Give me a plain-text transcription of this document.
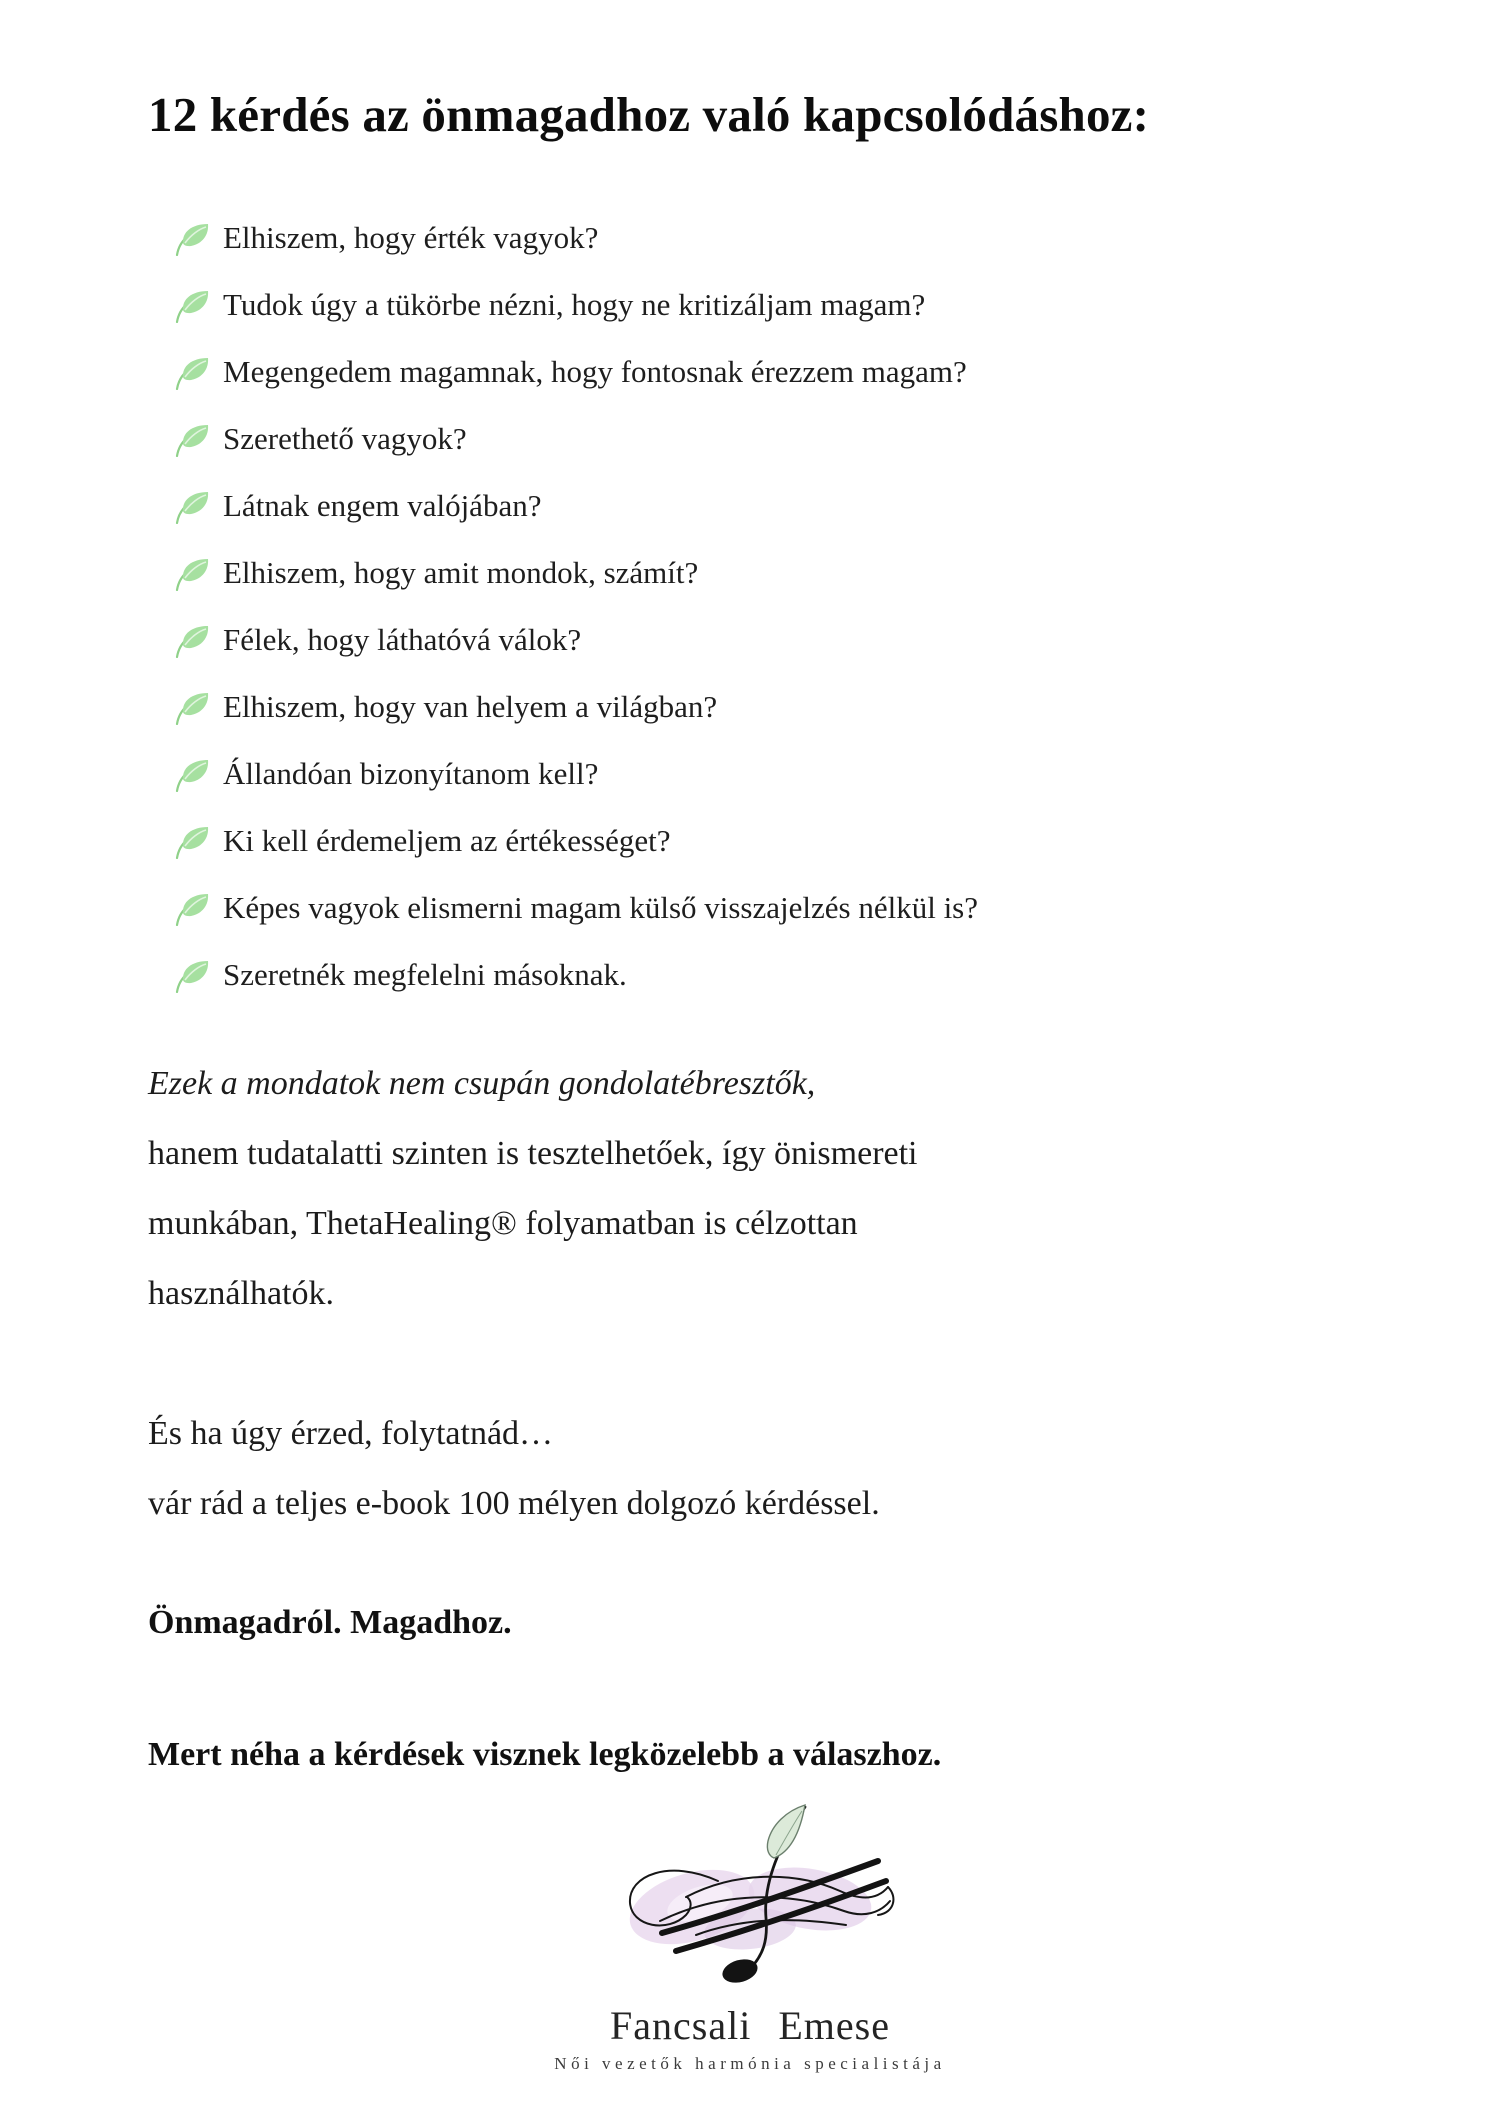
12 kérdés az önmagadhoz való kapcsolódáshoz:
Elhiszem, hogy érték vagyok?
Tudok úgy a tükörbe nézni, hogy ne kritizáljam magam?
Megengedem magamnak, hogy fontosnak érezzem magam?
Szerethető vagyok?
Látnak engem valójában?
Elhiszem, hogy amit mondok, számít?
Félek, hogy láthatóvá válok?
Elhiszem, hogy van helyem a világban?
Állandóan bizonyítanom kell?
Ki kell érdemeljem az értékességet?
Képes vagyok elismerni magam külső visszajelzés nélkül is?
Szeretnék megfelelni másoknak.
Ezek a mondatok nem csupán gondolatébresztők,
hanem tudatalatti szinten is tesztelhetőek, így önismereti
munkában, ThetaHealing® folyamatban is célzottan
használhatók.
És ha úgy érzed, folytatnád…
vár rád a teljes e-book 100 mélyen dolgozó kérdéssel.
Önmagadról. Magadhoz.
Mert néha a kérdések visznek legközelebb a válaszhoz.
Fancsali Emese
Női vezetők harmónia specialistája
